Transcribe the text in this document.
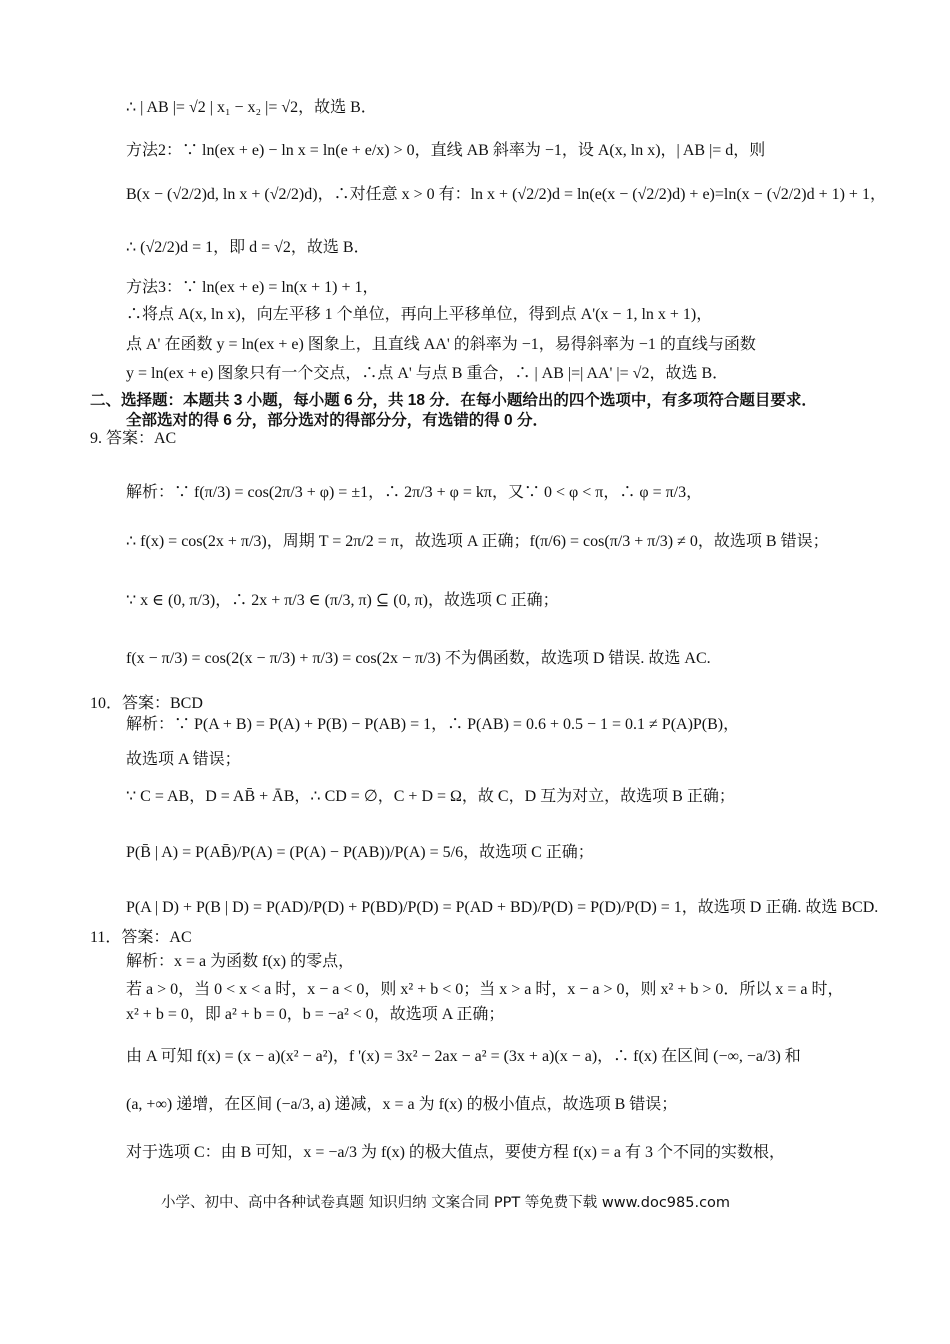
∴ | AB |= √2 | x₁ − x₂ |= √2，故选 B．
方法2：∵ ln(ex + e) − ln x = ln(e + e/x) > 0，直线 AB 斜率为 −1，设 A(x, ln x)，| AB |= d，则
B(x − (√2/2)d, ln x + (√2/2)d)，∴对任意 x > 0 有：ln x + (√2/2)d = ln(e(x − (√2/2)d) + e)=ln(x − (√2/2)d + 1) + 1，
∴ (√2/2)d = 1，即 d = √2，故选 B．
方法3：∵ ln(ex + e) = ln(x + 1) + 1，
∴将点 A(x, ln x)，向左平移 1 个单位，再向上平移单位，得到点 A'(x − 1, ln x + 1)，
点 A' 在函数 y = ln(ex + e) 图象上，且直线 AA' 的斜率为 −1，易得斜率为 −1 的直线与函数
y = ln(ex + e) 图象只有一个交点，∴点 A' 与点 B 重合，∴ | AB |=| AA' |= √2，故选 B．
二、选择题：本题共 3 小题，每小题 6 分，共 18 分．在每小题给出的四个选项中，有多项符合题目要求．
全部选对的得 6 分，部分选对的得部分分，有选错的得 0 分．
9. 答案：AC
解析：∵ f(π/3) = cos(2π/3 + φ) = ±1，∴ 2π/3 + φ = kπ，又∵ 0 < φ < π，∴ φ = π/3，
∴ f(x) = cos(2x + π/3)，周期 T = 2π/2 = π，故选项 A 正确；f(π/6) = cos(π/3 + π/3) ≠ 0，故选项 B 错误；
∵ x ∈ (0, π/3)，∴ 2x + π/3 ∈ (π/3, π) ⊆ (0, π)，故选项 C 正确；
f(x − π/3) = cos(2(x − π/3) + π/3) = cos(2x − π/3) 不为偶函数，故选项 D 错误. 故选 AC.
10．答案：BCD
解析：∵ P(A + B) = P(A) + P(B) − P(AB) = 1，∴ P(AB) = 0.6 + 0.5 − 1 = 0.1 ≠ P(A)P(B)，
故选项 A 错误；
∵ C = AB，D = AB̄ + ĀB，∴ CD = ∅，C + D = Ω，故 C，D 互为对立，故选项 B 正确；
P(B̄ | A) = P(AB̄)/P(A) = (P(A) − P(AB))/P(A) = 5/6，故选项 C 正确；
P(A | D) + P(B | D) = P(AD)/P(D) + P(BD)/P(D) = P(AD + BD)/P(D) = P(D)/P(D) = 1，故选项 D 正确. 故选 BCD.
11．答案：AC
解析：x = a 为函数 f(x) 的零点，
若 a > 0，当 0 < x < a 时，x − a < 0，则 x² + b < 0；当 x > a 时，x − a > 0，则 x² + b > 0．所以 x = a 时，
x² + b = 0，即 a² + b = 0，b = −a² < 0，故选项 A 正确；
由 A 可知 f(x) = (x − a)(x² − a²)，f '(x) = 3x² − 2ax − a² = (3x + a)(x − a)，∴ f(x) 在区间 (−∞, −a/3) 和
(a, +∞) 递增，在区间 (−a/3, a) 递减，x = a 为 f(x) 的极小值点，故选项 B 错误；
对于选项 C：由 B 可知，x = −a/3 为 f(x) 的极大值点，要使方程 f(x) = a 有 3 个不同的实数根，
小学、初中、高中各种试卷真题 知识归纳 文案合同 PPT 等免费下载 www.doc985.com
